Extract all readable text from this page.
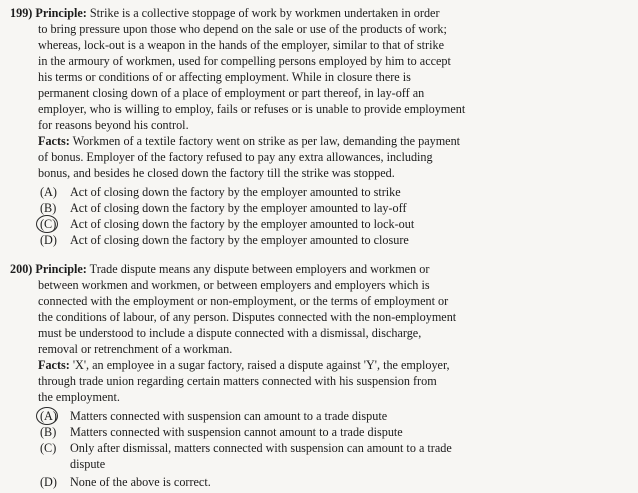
199) Principle: Strike is a collective stoppage of work by workmen undertaken in order
to bring pressure upon those who depend on the sale or use of the products of work;
whereas, lock-out is a weapon in the hands of the employer, similar to that of strike
in the armoury of workmen, used for compelling persons employed by him to accept
his terms or conditions of or affecting employment. While in closure there is
permanent closing down of a place of employment or part thereof, in lay-off an
employer, who is willing to employ, fails or refuses or is unable to provide employment
for reasons beyond his control.
Facts: Workmen of a textile factory went on strike as per law, demanding the payment
of bonus. Employer of the factory refused to pay any extra allowances, including
bonus, and besides he closed down the factory till the strike was stopped.
(A) Act of closing down the factory by the employer amounted to strike
(B) Act of closing down the factory by the employer amounted to lay-off
(C) Act of closing down the factory by the employer amounted to lock-out
(D) Act of closing down the factory by the employer amounted to closure
200) Principle: Trade dispute means any dispute between employers and workmen or
between workmen and workmen, or between employers and employers which is
connected with the employment or non-employment, or the terms of employment or
the conditions of labour, of any person. Disputes connected with the non-employment
must be understood to include a dispute connected with a dismissal, discharge,
removal or retrenchment of a workman.
Facts: 'X', an employee in a sugar factory, raised a dispute against 'Y', the employer,
through trade union regarding certain matters connected with his suspension from
the employment.
(A) Matters connected with suspension can amount to a trade dispute
(B) Matters connected with suspension cannot amount to a trade dispute
(C) Only after dismissal, matters connected with suspension can amount to a trade
dispute
(D) None of the above is correct.
